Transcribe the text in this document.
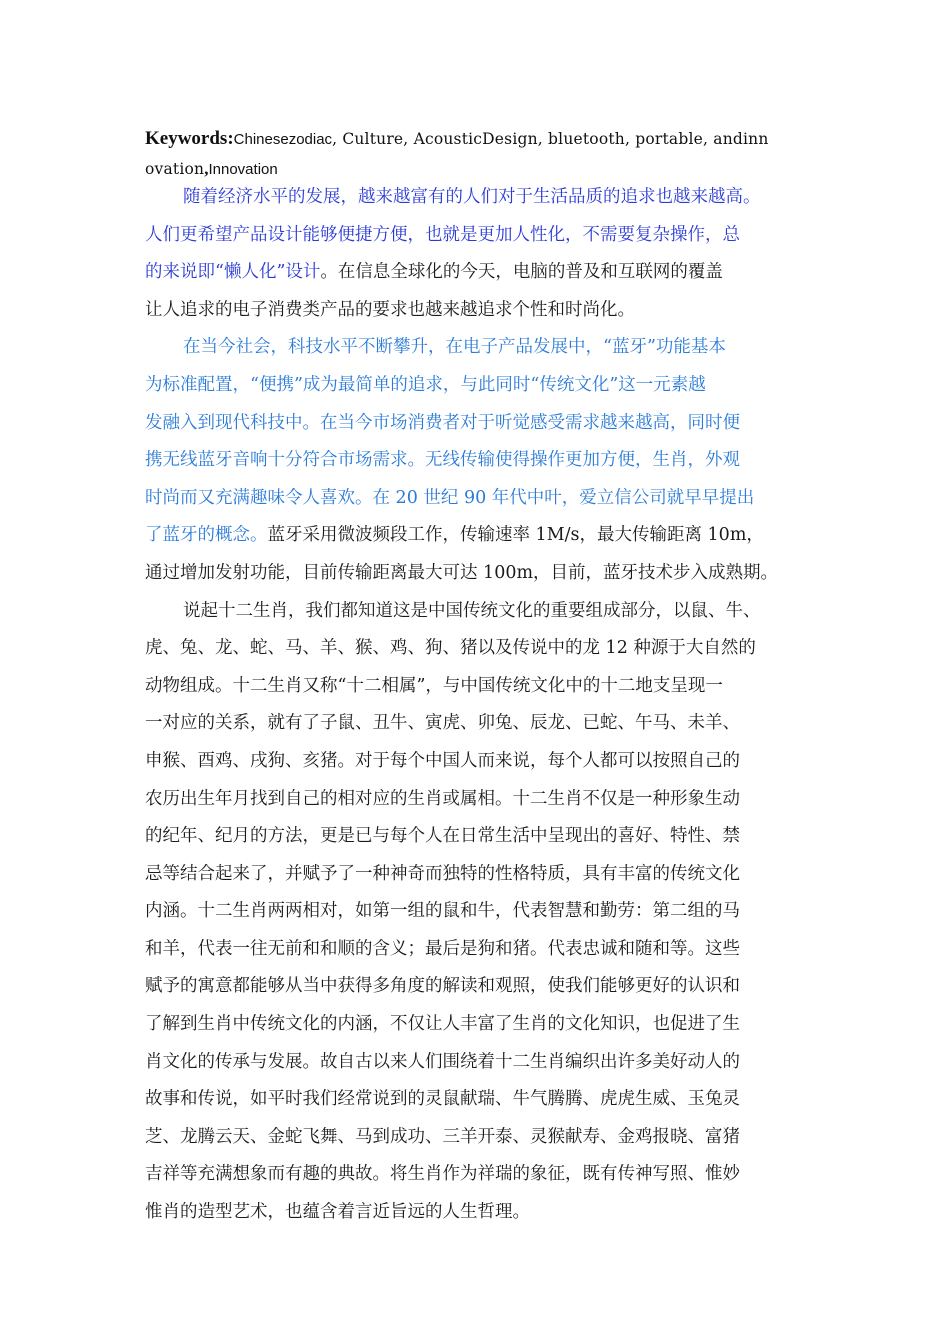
Keywords:Chinesezodiac, Culture, AcousticDesign, bluetooth, portable, andinn
ovation,Innovation
随着经济水平的发展，越来越富有的人们对于生活品质的追求也越来越高。
人们更希望产品设计能够便捷方便，也就是更加人性化，不需要复杂操作，总
的来说即“懒人化”设计。在信息全球化的今天，电脑的普及和互联网的覆盖
让人追求的电子消费类产品的要求也越来越追求个性和时尚化。
在当今社会，科技水平不断攀升，在电子产品发展中，“蓝牙”功能基本
为标准配置，“便携”成为最简单的追求，与此同时“传统文化”这一元素越
发融入到现代科技中。在当今市场消费者对于听觉感受需求越来越高，同时便
携无线蓝牙音响十分符合市场需求。无线传输使得操作更加方便，生肖，外观
时尚而又充满趣味令人喜欢。在 20 世纪 90 年代中叶，爱立信公司就早早提出
了蓝牙的概念。蓝牙采用微波频段工作，传输速率 1M/s，最大传输距离 10m，
通过增加发射功能，目前传输距离最大可达 100m，目前，蓝牙技术步入成熟期。
说起十二生肖，我们都知道这是中国传统文化的重要组成部分，以鼠、牛、
虎、兔、龙、蛇、马、羊、猴、鸡、狗、猪以及传说中的龙 12 种源于大自然的
动物组成。十二生肖又称“十二相属”，与中国传统文化中的十二地支呈现一
一对应的关系，就有了子鼠、丑牛、寅虎、卯兔、辰龙、已蛇、午马、未羊、
申猴、酉鸡、戌狗、亥猪。对于每个中国人而来说，每个人都可以按照自己的
农历出生年月找到自己的相对应的生肖或属相。十二生肖不仅是一种形象生动
的纪年、纪月的方法，更是已与每个人在日常生活中呈现出的喜好、特性、禁
忌等结合起来了，并赋予了一种神奇而独特的性格特质，具有丰富的传统文化
内涵。十二生肖两两相对，如第一组的鼠和牛，代表智慧和勤劳：第二组的马
和羊，代表一往无前和和顺的含义；最后是狗和猪。代表忠诚和随和等。这些
赋予的寓意都能够从当中获得多角度的解读和观照，使我们能够更好的认识和
了解到生肖中传统文化的内涵，不仅让人丰富了生肖的文化知识，也促进了生
肖文化的传承与发展。故自古以来人们围绕着十二生肖编织出许多美好动人的
故事和传说，如平时我们经常说到的灵鼠献瑞、牛气腾腾、虎虎生威、玉兔灵
芝、龙腾云天、金蛇飞舞、马到成功、三羊开泰、灵猴献寿、金鸡报晓、富猪
吉祥等充满想象而有趣的典故。将生肖作为祥瑞的象征，既有传神写照、惟妙
惟肖的造型艺术，也蕴含着言近旨远的人生哲理。
